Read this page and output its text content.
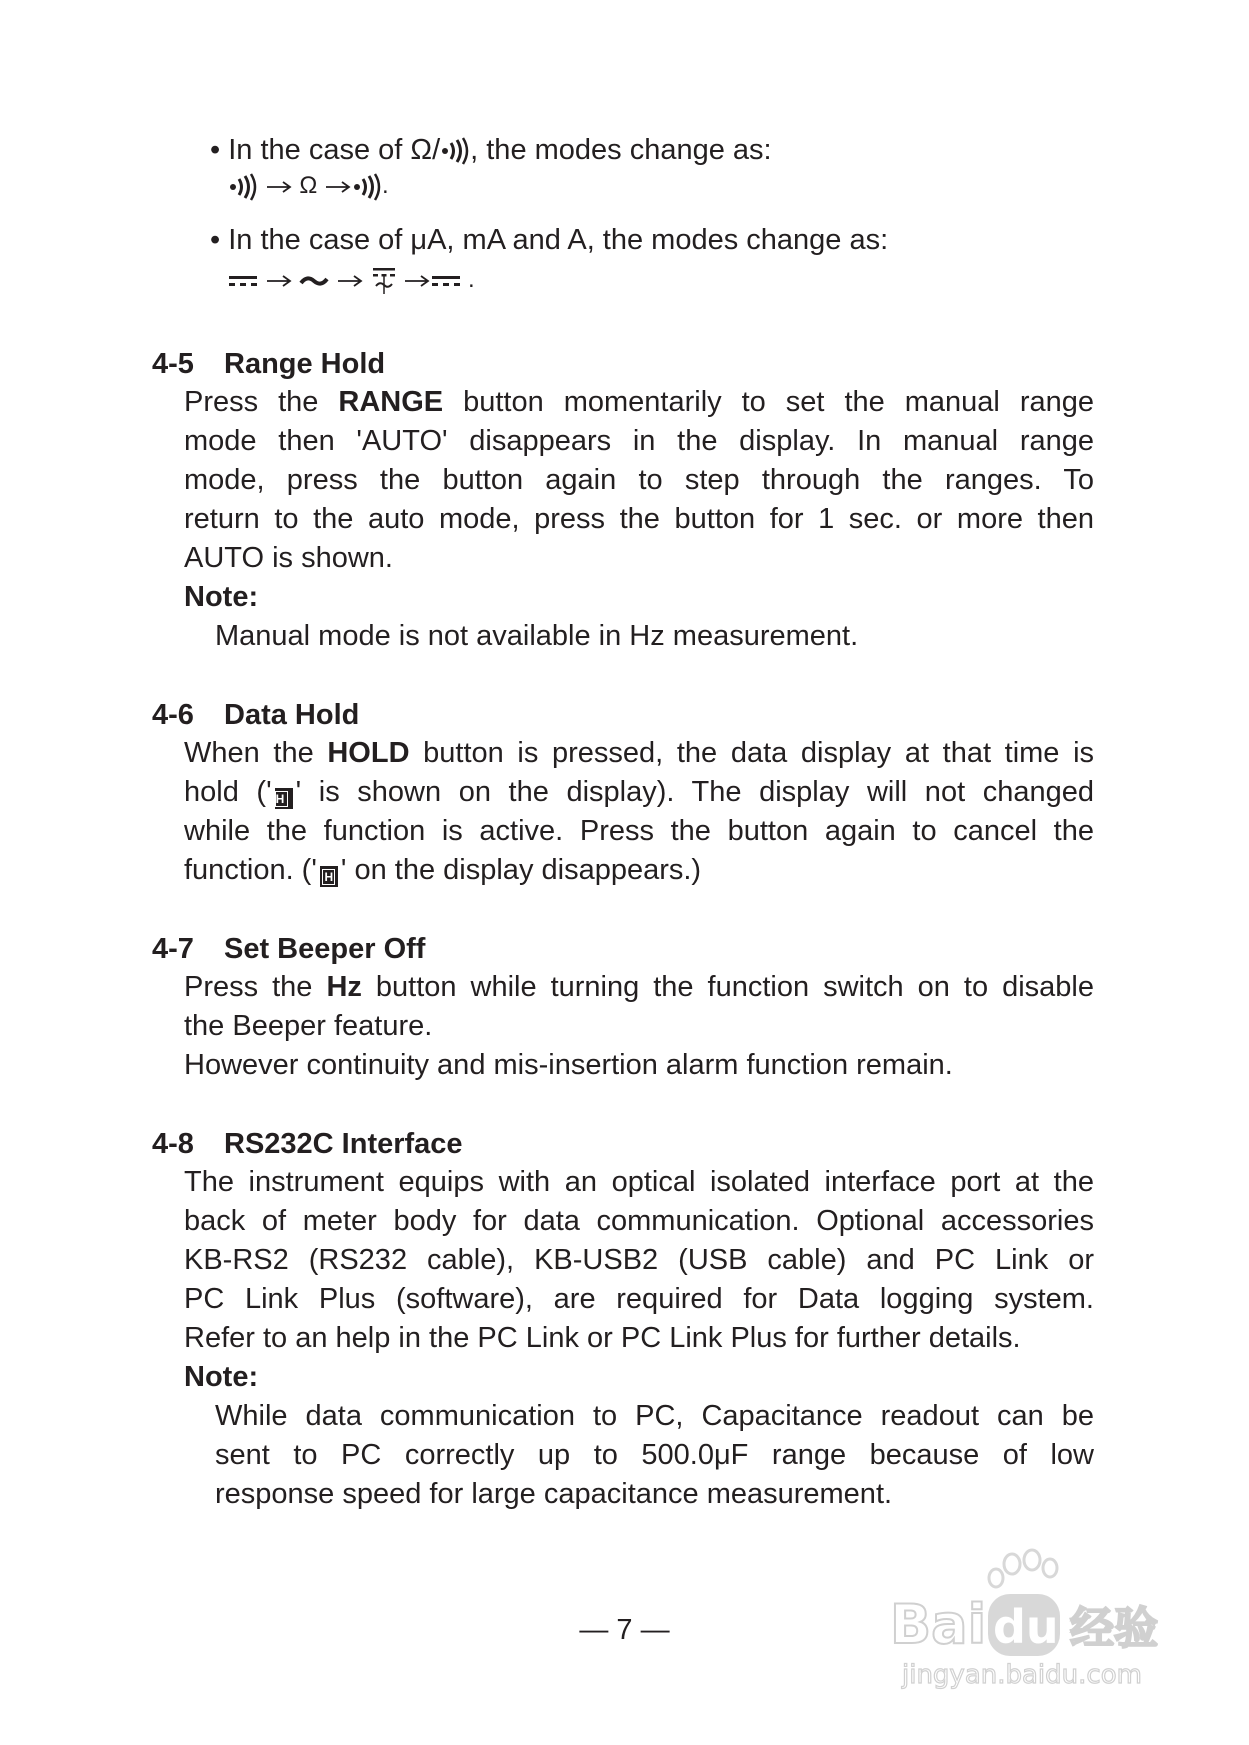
• In the case of Ω/ , the modes change as:
Ω	.
• In the case of μA, mA and A, the modes change as:
.
4-5 Range Hold
Press the RANGE button momentarily to set the manual range
mode then 'AUTO' disappears in the display. In manual range
mode, press the button again to step through the ranges. To
return to the auto mode, press the button for 1 sec. or more then
AUTO is shown.
Note:
Manual mode is not available in Hz measurement.
4-6 Data Hold
When the HOLD button is pressed, the data display at that time is
hold (' H ' is shown on the display). The display will not changed
while the function is active. Press the button again to cancel the
function. (' H ' on the display disappears.)
4-7 Set Beeper Off
Press the Hz button while turning the function switch on to disable
the Beeper feature.
However continuity and mis-insertion alarm function remain.
4-8 RS232C Interface
The instrument equips with an optical isolated interface port at the
back of meter body for data communication. Optional accessories
KB-RS2 (RS232 cable), KB-USB2 (USB cable) and PC Link or
PC Link Plus (software), are required for Data logging system.
Refer to an help in the PC Link or PC Link Plus for further details.
Note:
While data communication to PC, Capacitance readout can be
sent to PC correctly up to 500.0μF range because of low
response speed for large capacitance measurement.
— 7 —	Bai du 经验
jingyan.baidu.com
